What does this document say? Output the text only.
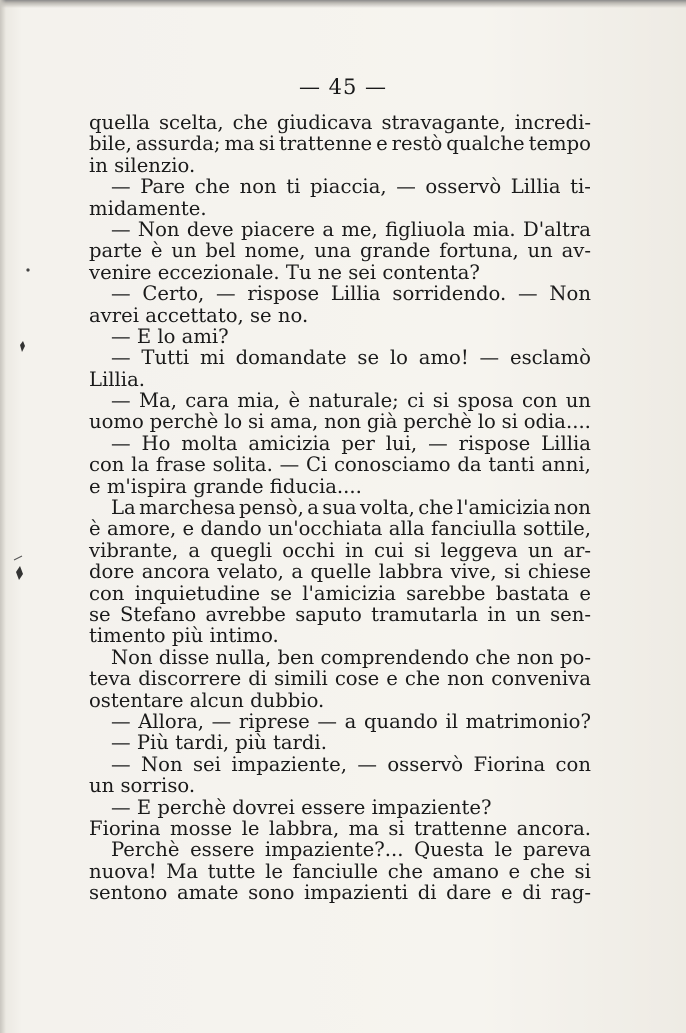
— 45 —
quella scelta, che giudicava stravagante, incredi-
bile, assurda; ma si trattenne e restò qualche tempo
in silenzio.
— Pare che non ti piaccia, — osservò Lillia ti-
midamente.
— Non deve piacere a me, figliuola mia. D'altra
parte è un bel nome, una grande fortuna, un av-
venire eccezionale. Tu ne sei contenta?
— Certo, — rispose Lillia sorridendo. — Non
avrei accettato, se no.
— E lo ami?
— Tutti mi domandate se lo amo! — esclamò
Lillia.
— Ma, cara mia, è naturale; ci si sposa con un
uomo perchè lo si ama, non già perchè lo si odia....
— Ho molta amicizia per lui, — rispose Lillia
con la frase solita. — Ci conosciamo da tanti anni,
e m'ispira grande fiducia....
La marchesa pensò, a sua volta, che l'amicizia non
è amore, e dando un'occhiata alla fanciulla sottile,
vibrante, a quegli occhi in cui si leggeva un ar-
dore ancora velato, a quelle labbra vive, si chiese
con inquietudine se l'amicizia sarebbe bastata e
se Stefano avrebbe saputo tramutarla in un sen-
timento più intimo.
Non disse nulla, ben comprendendo che non po-
teva discorrere di simili cose e che non conveniva
ostentare alcun dubbio.
— Allora, — riprese — a quando il matrimonio?
— Più tardi, più tardi.
— Non sei impaziente, — osservò Fiorina con
un sorriso.
— E perchè dovrei essere impaziente?
Fiorina mosse le labbra, ma si trattenne ancora.
Perchè essere impaziente?... Questa le pareva
nuova! Ma tutte le fanciulle che amano e che si
sentono amate sono impazienti di dare e di rag-
